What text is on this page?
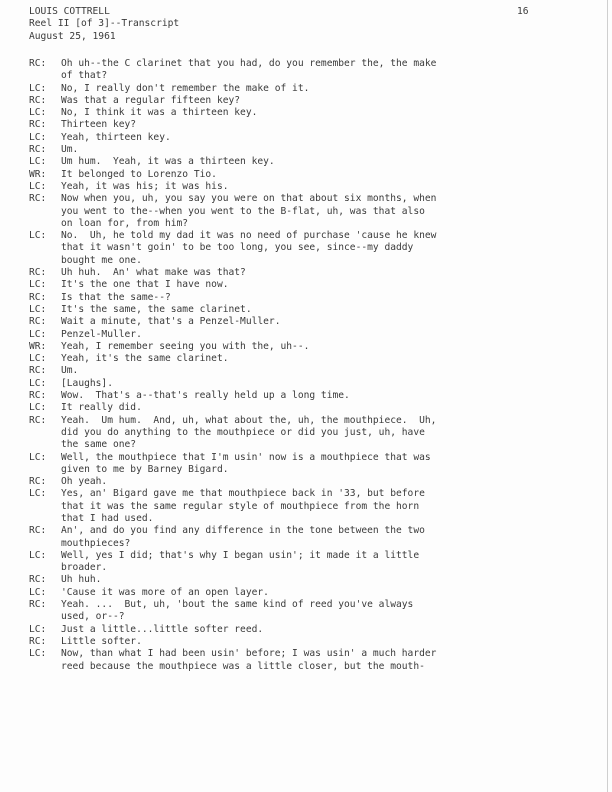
LOUIS COTTRELL
Reel II [of 3]--Transcript
August 25, 1961
16
RC:	Oh uh--the C clarinet that you had, do you remember the, the make
of that?
LC:	No, I really don't remember the make of it.
RC:	Was that a regular fifteen key?
LC:	No, I think it was a thirteen key.
RC:	Thirteen key?
LC:	Yeah, thirteen key.
RC:	Um.
LC:	Um hum.  Yeah, it was a thirteen key.
WR:	It belonged to Lorenzo Tio.
LC:	Yeah, it was his; it was his.
RC:	Now when you, uh, you say you were on that about six months, when
you went to the--when you went to the B-flat, uh, was that also
on loan for, from him?
LC:	No.  Uh, he told my dad it was no need of purchase 'cause he knew
that it wasn't goin' to be too long, you see, since--my daddy
bought me one.
RC:	Uh huh.  An' what make was that?
LC:	It's the one that I have now.
RC:	Is that the same--?
LC:	It's the same, the same clarinet.
RC:	Wait a minute, that's a Penzel-Muller.
LC:	Penzel-Muller.
WR:	Yeah, I remember seeing you with the, uh--.
LC:	Yeah, it's the same clarinet.
RC:	Um.
LC:	[Laughs].
RC:	Wow.  That's a--that's really held up a long time.
LC:	It really did.
RC:	Yeah.  Um hum.  And, uh, what about the, uh, the mouthpiece.  Uh,
did you do anything to the mouthpiece or did you just, uh, have
the same one?
LC:	Well, the mouthpiece that I'm usin' now is a mouthpiece that was
given to me by Barney Bigard.
RC:	Oh yeah.
LC:	Yes, an' Bigard gave me that mouthpiece back in '33, but before
that it was the same regular style of mouthpiece from the horn
that I had used.
RC:	An', and do you find any difference in the tone between the two
mouthpieces?
LC:	Well, yes I did; that's why I began usin'; it made it a little
broader.
RC:	Uh huh.
LC:	'Cause it was more of an open layer.
RC:	Yeah. ...  But, uh, 'bout the same kind of reed you've always
used, or--?
LC:	Just a little...little softer reed.
RC:	Little softer.
LC:	Now, than what I had been usin' before; I was usin' a much harder
reed because the mouthpiece was a little closer, but the mouth-
